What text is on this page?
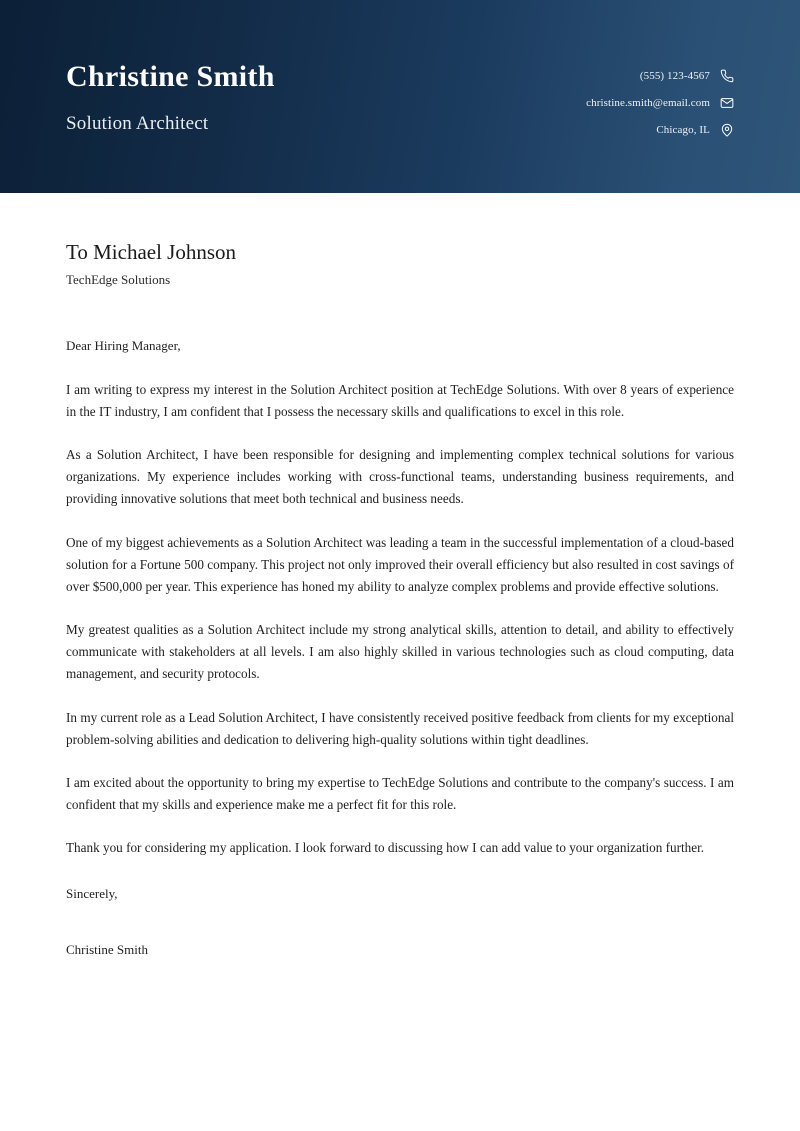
Christine Smith
Solution Architect
(555) 123-4567
christine.smith@email.com
Chicago, IL
To Michael Johnson
TechEdge Solutions
Dear Hiring Manager,

I am writing to express my interest in the Solution Architect position at TechEdge Solutions. With over 8 years of experience in the IT industry, I am confident that I possess the necessary skills and qualifications to excel in this role.

As a Solution Architect, I have been responsible for designing and implementing complex technical solutions for various organizations. My experience includes working with cross-functional teams, understanding business requirements, and providing innovative solutions that meet both technical and business needs.

One of my biggest achievements as a Solution Architect was leading a team in the successful implementation of a cloud-based solution for a Fortune 500 company. This project not only improved their overall efficiency but also resulted in cost savings of over $500,000 per year. This experience has honed my ability to analyze complex problems and provide effective solutions.

My greatest qualities as a Solution Architect include my strong analytical skills, attention to detail, and ability to effectively communicate with stakeholders at all levels. I am also highly skilled in various technologies such as cloud computing, data management, and security protocols.

In my current role as a Lead Solution Architect, I have consistently received positive feedback from clients for my exceptional problem-solving abilities and dedication to delivering high-quality solutions within tight deadlines.

I am excited about the opportunity to bring my expertise to TechEdge Solutions and contribute to the company's success. I am confident that my skills and experience make me a perfect fit for this role.

Thank you for considering my application. I look forward to discussing how I can add value to your organization further.

Sincerely,

Christine Smith
